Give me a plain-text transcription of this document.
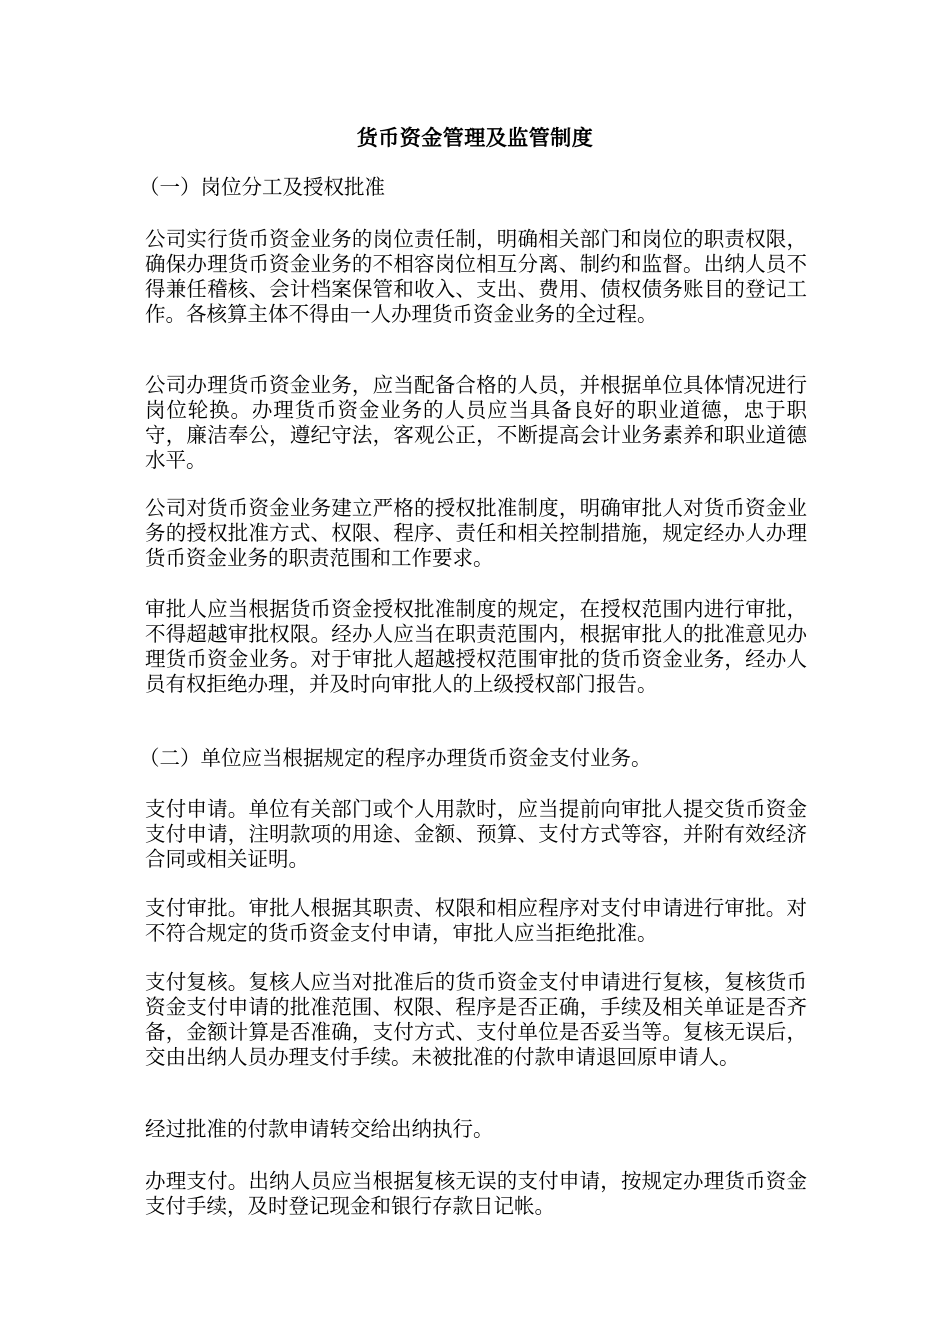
货币资金管理及监管制度
（一）岗位分工及授权批准

公司实行货币资金业务的岗位责任制，明确相关部门和岗位的职责权限，确保办理货币资金业务的不相容岗位相互分离、制约和监督。出纳人员不得兼任稽核、会计档案保管和收入、支出、费用、债权债务账目的登记工作。各核算主体不得由一人办理货币资金业务的全过程。

公司办理货币资金业务，应当配备合格的人员，并根据单位具体情况进行岗位轮换。办理货币资金业务的人员应当具备良好的职业道德，忠于职守，廉洁奉公，遵纪守法，客观公正，不断提高会计业务素养和职业道德水平。

公司对货币资金业务建立严格的授权批准制度，明确审批人对货币资金业务的授权批准方式、权限、程序、责任和相关控制措施，规定经办人办理货币资金业务的职责范围和工作要求。

审批人应当根据货币资金授权批准制度的规定，在授权范围内进行审批，不得超越审批权限。经办人应当在职责范围内，根据审批人的批准意见办理货币资金业务。对于审批人超越授权范围审批的货币资金业务，经办人员有权拒绝办理，并及时向审批人的上级授权部门报告。

（二）单位应当根据规定的程序办理货币资金支付业务。

支付申请。单位有关部门或个人用款时，应当提前向审批人提交货币资金支付申请，注明款项的用途、金额、预算、支付方式等容，并附有效经济合同或相关证明。

支付审批。审批人根据其职责、权限和相应程序对支付申请进行审批。对不符合规定的货币资金支付申请，审批人应当拒绝批准。

支付复核。复核人应当对批准后的货币资金支付申请进行复核，复核货币资金支付申请的批准范围、权限、程序是否正确，手续及相关单证是否齐备，金额计算是否准确，支付方式、支付单位是否妥当等。复核无误后，交由出纳人员办理支付手续。未被批准的付款申请退回原申请人。

经过批准的付款申请转交给出纳执行。

办理支付。出纳人员应当根据复核无误的支付申请，按规定办理货币资金支付手续，及时登记现金和银行存款日记帐。
